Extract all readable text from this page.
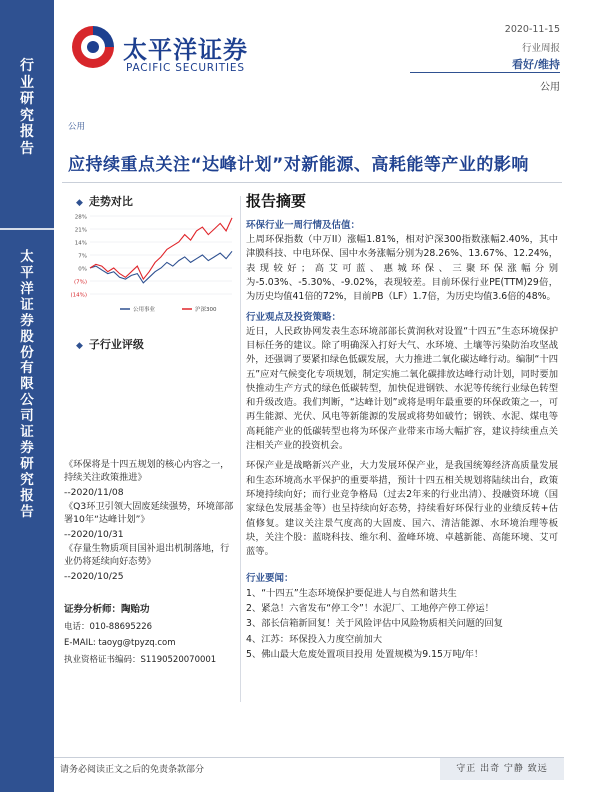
行
业
研
究
报
告
太
平
洋
证
券
股
份
有
限
公
司
证
券
研
究
报
告
太平洋证券
PACIFIC SECURITIES
2020-11-15
行业周报
看好/维持
公用
公用
应持续重点关注“达峰计划”对新能源、高耗能等产业的影响
◆ 走势对比
28%
21%
14%
7%
0%
(7%)
(14%)
公用事业	沪深300
◆ 子行业评级

《环保将是十四五规划的核心内容之一，持续关注政策推进》

--2020/11/08

《Q3环卫引领大固废延续强势，环境部部署10年“达峰计划”》

--2020/10/31

《存量生物质项目国补退出机制落地，行业仍将延续向好态势》

--2020/10/25

证券分析师：陶贻功
电话：010-88695226
E-MAIL: taoyg@tpyzq.com
执业资格证书编码：S1190520070001
报告摘要
环保行业一周行情及估值：

上周环保指数（中万II）涨幅1.81%，相对沪深300指数涨幅2.40%，其中津膜科技、中电环保、国中水务涨幅分别为28.26%、13.67%、12.24%，表现较好；高艾可蓝、惠城环保、三聚环保涨幅分别为-5.03%、-5.30%、-9.02%，表现较差。目前环保行业PE(TTM)29倍，为历史均值41倍的72%，目前PB（LF）1.7倍，为历史均值3.6倍的48%。

行业观点及投资策略：

近日，人民政协网发表生态环境部部长黄润秋对设置“十四五”生态环境保护目标任务的建议。除了明确深入打好大气、水环境、土壤等污染防治攻坚战外，还强调了要紧扣绿色低碳发展，大力推进二氧化碳达峰行动。编制“十四五”应对气候变化专项规划，制定实施二氧化碳排放达峰行动计划，同时要加快推动生产方式的绿色低碳转型，加快促进钢铁、水泥等传统行业绿色转型和升级改造。我们判断，“达峰计划”或将是明年最重要的环保政策之一，可再生能源、光伏、风电等新能源的发展或将势如破竹；钢铁、水泥、煤电等高耗能产业的低碳转型也将为环保产业带来市场大幅扩容，建议持续重点关注相关产业的投资机会。

环保产业是战略新兴产业，大力发展环保产业，是我国统筹经济高质量发展和生态环境高水平保护的重要举措，预计十四五相关规划将陆续出台，政策环境持续向好；而行业竞争格局（过去2年来的行业出清）、投融资环境（国家绿色发展基金等）也呈持续向好态势，持续看好环保行业的业绩反转+估值修复。建议关注景气度高的大固废、国六、清洁能源、水环境治理等板块，关注个股：蓝晓科技、维尔利、盈峰环境、卓越新能、高能环境、艾可蓝等。

行业要闻：
1、“十四五”生态环境保护要促进人与自然和谐共生
2、紧急！六省发布“停工令”！水泥厂、工地停产停工停运！
3、部长信箱新回复！关于风险评估中风险物质相关问题的回复
4、江苏：环保投入力度空前加大
5、佛山最大危废处置项目投用 处置规模为9.15万吨/年！
请务必阅读正文之后的免责条款部分	守正 出奇 宁静 致远
